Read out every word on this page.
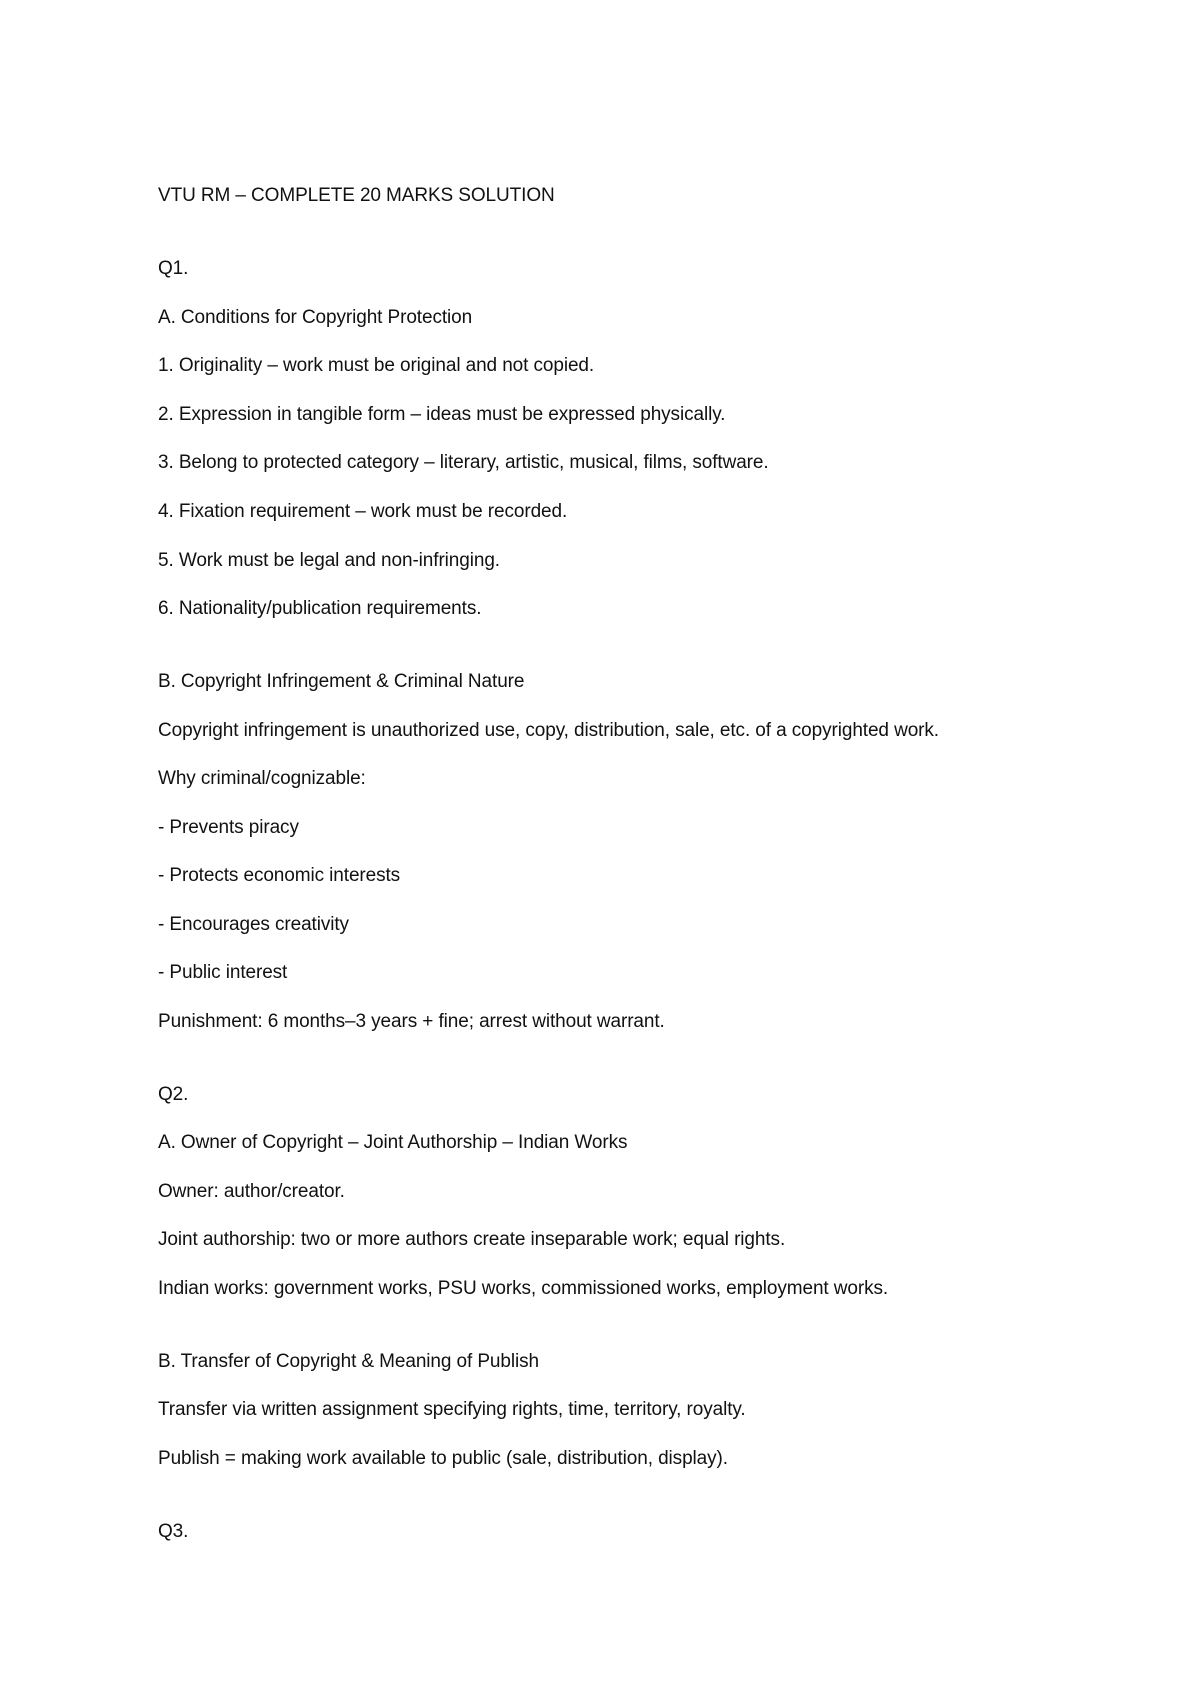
VTU RM – COMPLETE 20 MARKS SOLUTION

Q1.

A. Conditions for Copyright Protection

1. Originality – work must be original and not copied.

2. Expression in tangible form – ideas must be expressed physically.

3. Belong to protected category – literary, artistic, musical, films, software.

4. Fixation requirement – work must be recorded.

5. Work must be legal and non-infringing.

6. Nationality/publication requirements.

B. Copyright Infringement & Criminal Nature

Copyright infringement is unauthorized use, copy, distribution, sale, etc. of a copyrighted work.

Why criminal/cognizable:

- Prevents piracy

- Protects economic interests

- Encourages creativity

- Public interest

Punishment: 6 months–3 years + fine; arrest without warrant.

Q2.

A. Owner of Copyright – Joint Authorship – Indian Works

Owner: author/creator.

Joint authorship: two or more authors create inseparable work; equal rights.

Indian works: government works, PSU works, commissioned works, employment works.

B. Transfer of Copyright & Meaning of Publish

Transfer via written assignment specifying rights, time, territory, royalty.

Publish = making work available to public (sale, distribution, display).

Q3.
